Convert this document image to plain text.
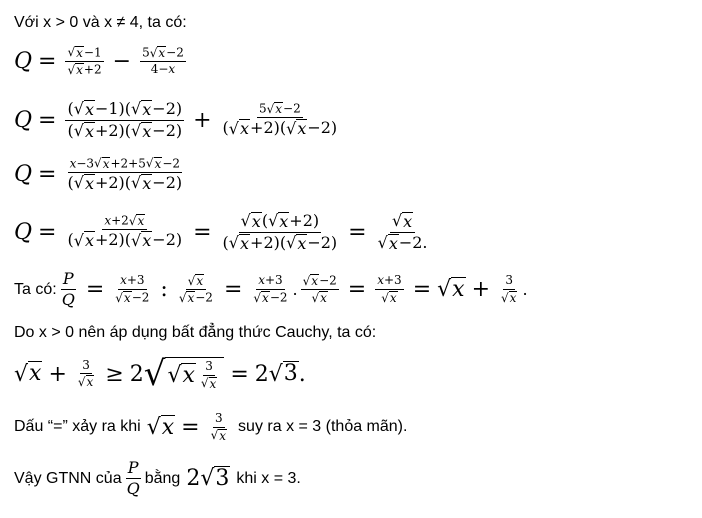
Với x > 0 và x ≠ 4, ta có:
$Q = \frac{√ x -1}{√ x +2} - \frac{5 √ x -2}{4-x}$
$Q = \frac{( √ x -1)( √ x -2)}{( √ x +2)( √ x -2)} + \frac{5 √ x -2}{( √ x +2)( √ x -2)}$
$Q = \frac{x-3 √ x +2+5 √ x -2}{( √ x +2)( √ x -2)}$
$Q = \frac{x+2 √ x}{( √ x +2)( √ x -2)} = \frac{√ x ( √ x +2)}{( √ x +2)( √ x -2)} = \frac{√ x}{√ x -2.}$
Ta có: $\frac{P}{Q} = \frac{x+3}{√ x -2}$ : $\frac{√ x}{√ x -2} = \frac{x+3}{√ x -2}$ . $\frac{√ x -2}{√ x} = \frac{x+3}{√ x}$ = √ $x + \frac{3}{√ x}$ .
Do x > 0 nên áp dụng bất đẳng thức Cauchy, ta có:
√ $x + \frac{3}{√ x} \ge 2$ √ √ x $\frac{3}{√ x} = 2$ √ 3 .
Dấu “=” xảy ra khi √ $x = \frac{3}{√ x}$ suy ra x = 3 (thỏa mãn).
Vậy GTNN của $\frac{P}{Q}$ bằng 2 √ 3 khi x = 3.
